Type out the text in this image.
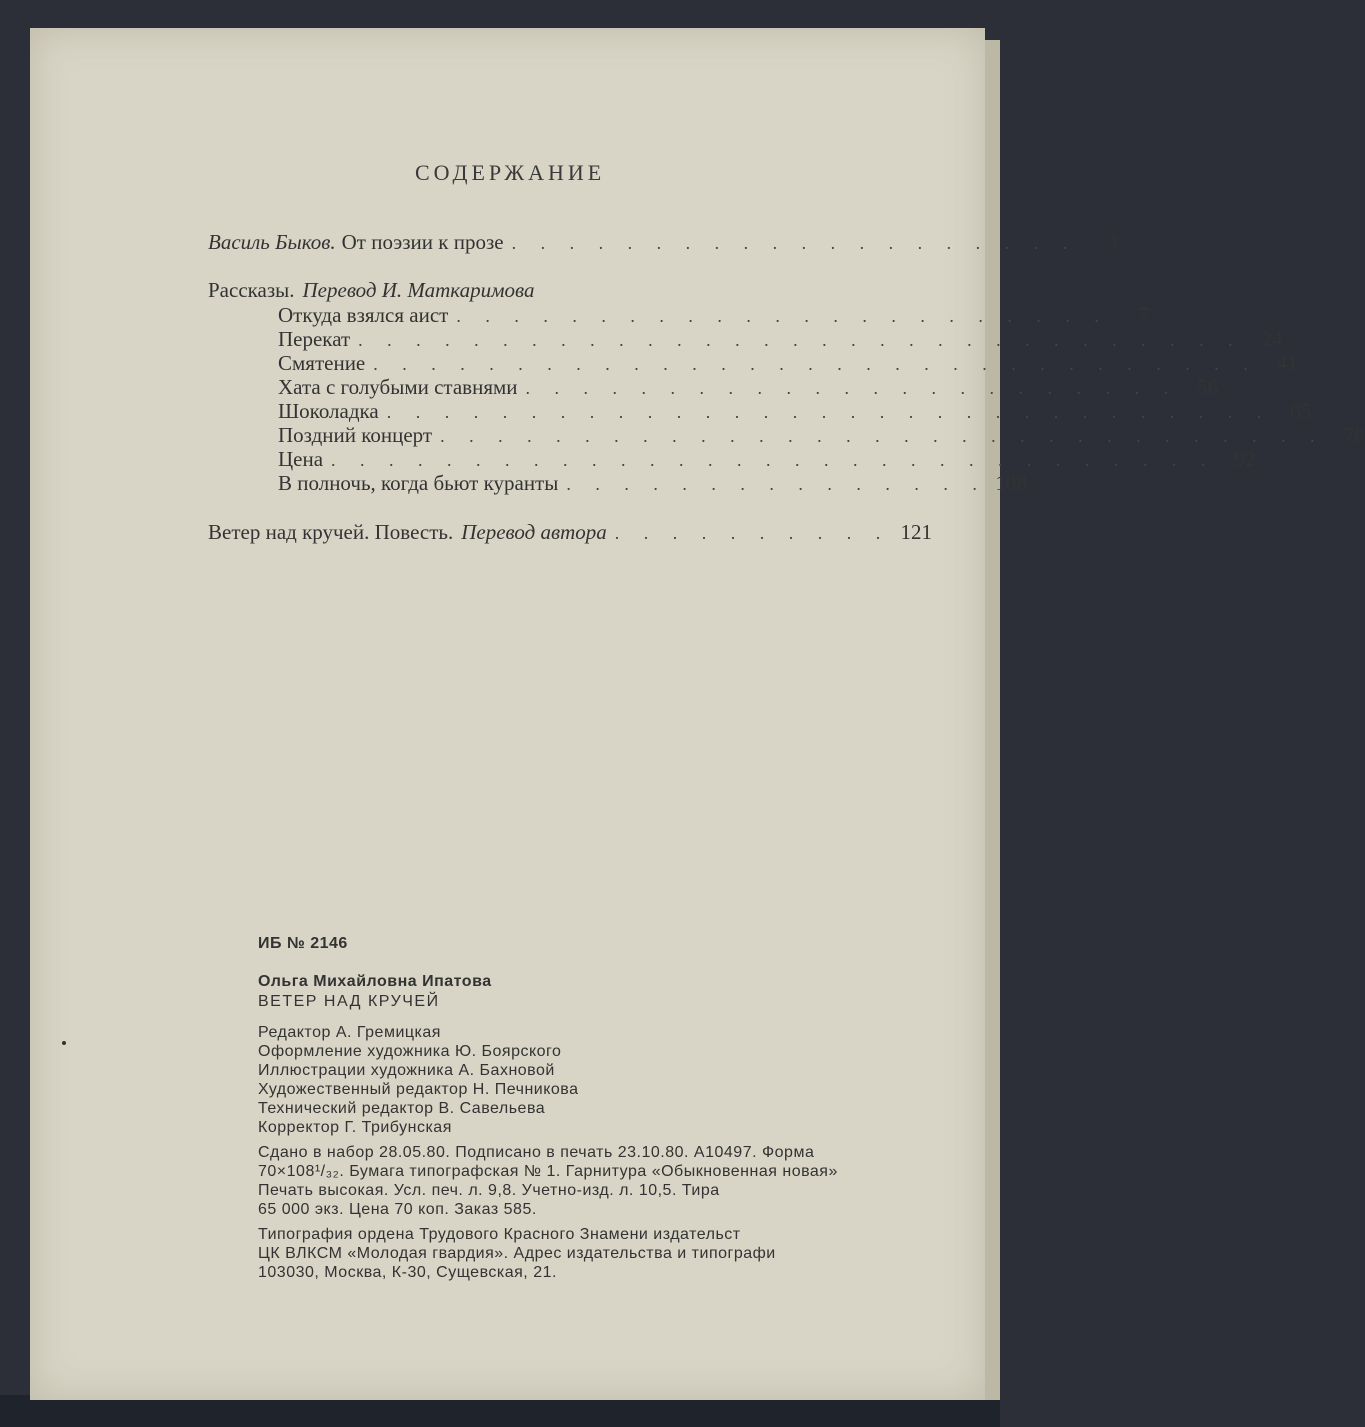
СОДЕРЖАНИЕ
Василь Быков. От поэзии к прозе . . . . . . . . . . . . . . . . . . . .	3
Рассказы. Перевод И. Маткаримова
Откуда взялся аист . . . . . . . . . . . . . . . . . . . . . . .	7
Перекат . . . . . . . . . . . . . . . . . . . . . . . . . . . . . . . 24
Смятение . . . . . . . . . . . . . . . . . . . . . . . . . . . . . . . 41
Хата с голубыми ставнями . . . . . . . . . . . . . . . . . . . . . . . 56
Шоколадка . . . . . . . . . . . . . . . . . . . . . . . . . . . . . . . 65
Поздний концерт . . . . . . . . . . . . . . . . . . . . . . . . . . . . . . . 78
Цена . . . . . . . . . . . . . . . . . . . . . . . . . . . . . . . 92
В полночь, когда бьют куранты . . . . . . . . . . . . . . . 108
Ветер над кручей. Повесть. Перевод автора . . . . . . . . . . 121
ИБ № 2146
Ольга Михайловна Ипатова
ВЕТЕР НАД КРУЧЕЙ
Редактор А. Гремицкая
Оформление художника Ю. Боярского
Иллюстрации художника А. Бахновой
Художественный редактор Н. Печникова
Технический редактор В. Савельева
Корректор Г. Трибунская
Сдано в набор 28.05.80. Подписано в печать 23.10.80. А10497. Форма
70×108¹/₃₂. Бумага типографская № 1. Гарнитура «Обыкновенная новая»
Печать высокая. Усл. печ. л. 9,8. Учетно-изд. л. 10,5. Тира
65 000 экз. Цена 70 коп. Заказ 585.
Типография ордена Трудового Красного Знамени издательст
ЦК ВЛКСМ «Молодая гвардия». Адрес издательства и типографи
103030, Москва, К-30, Сущевская, 21.
